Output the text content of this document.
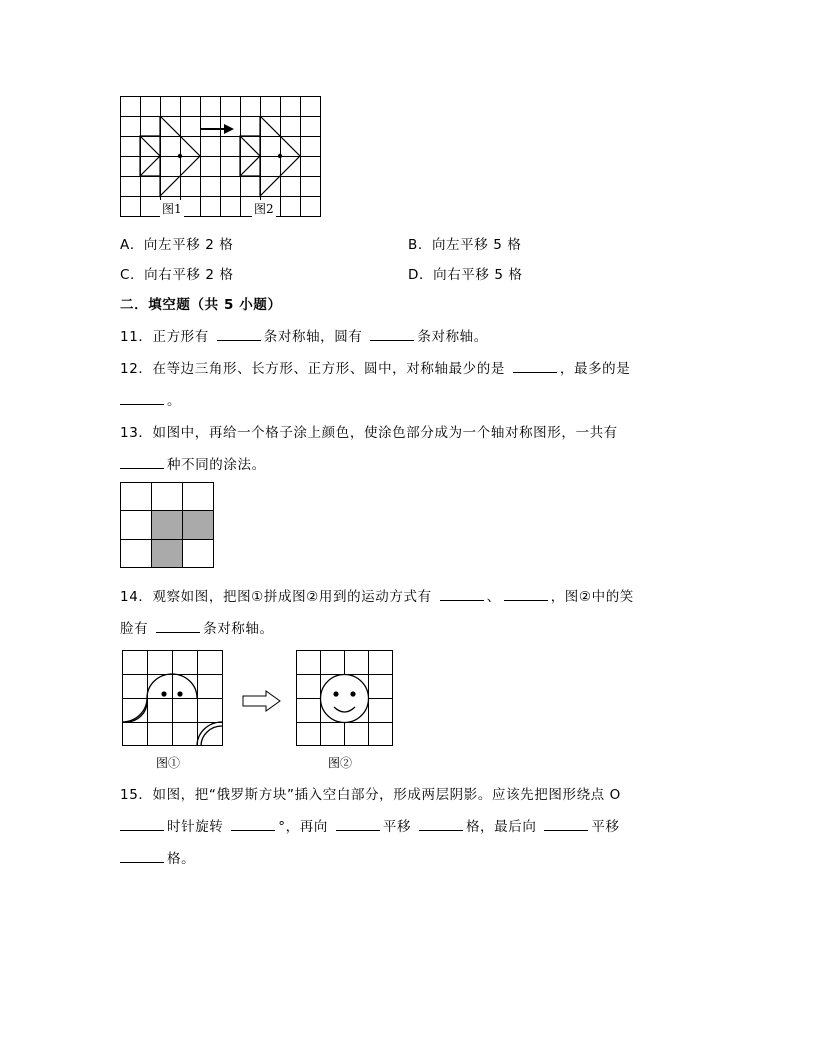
图1	图2
A．向左平移 2 格	B．向左平移 5 格
C．向右平移 2 格	D．向右平移 5 格
二．填空题（共 5 小题）
11．正方形有	条对称轴，圆有	条对称轴。
12．在等边三角形、长方形、正方形、圆中，对称轴最少的是	，最多的是
。
13．如图中，再给一个格子涂上颜色，使涂色部分成为一个轴对称图形，一共有
种不同的涂法。
14．观察如图，把图①拼成图②用到的运动方式有	、	，图②中的笑
脸有	条对称轴。
图①	图②
15．如图，把“俄罗斯方块”插入空白部分，形成两层阴影。应该先把图形绕点 O
时针旋转	°，再向	平移	格，最后向	平移
格。
